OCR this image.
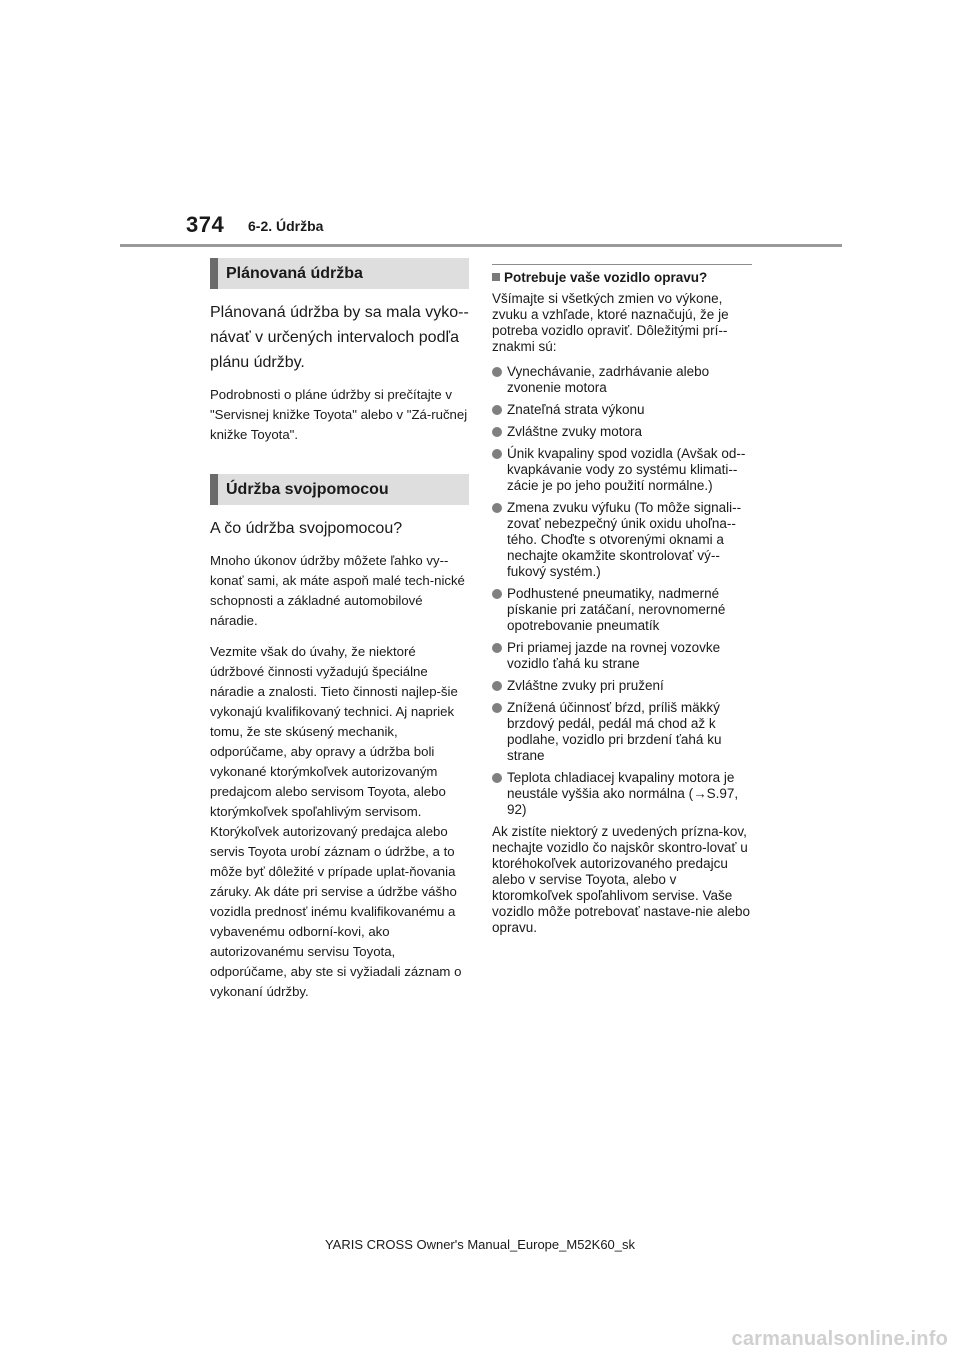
374 6-2. Údržba
Plánovaná údržba

Plánovaná údržba by sa mala vyko-návať v určených intervaloch podľa plánu údržby.

Podrobnosti o pláne údržby si prečítajte v "Servisnej knižke Toyota" alebo v "Zá-ručnej knižke Toyota".

Údržba svojpomocou

A čo údržba svojpomocou?

Mnoho úkonov údržby môžete ľahko vy-konať sami, ak máte aspoň malé tech-nické schopnosti a základné automobilové náradie.

Vezmite však do úvahy, že niektoré údržbové činnosti vyžadujú špeciálne náradie a znalosti. Tieto činnosti najlep-šie vykonajú kvalifikovaný technici. Aj napriek tomu, že ste skúsený mechanik, odporúčame, aby opravy a údržba boli vykonané ktorýmkoľvek autorizovaným predajcom alebo servisom Toyota, alebo ktorýmkoľvek spoľahlivým servisom. Ktorýkoľvek autorizovaný predajca alebo servis Toyota urobí záznam o údržbe, a to môže byť dôležité v prípade uplat-ňovania záruky. Ak dáte pri servise a údržbe vášho vozidla prednosť inému kvalifikovanému a vybavenému odborní-kovi, ako autorizovanému servisu Toyota, odporúčame, aby ste si vyžiadali záznam o vykonaní údržby.

Potrebuje vaše vozidlo opravu?

Všímajte si všetkých zmien vo výkone, zvuku a vzhľade, ktoré naznačujú, že je potreba vozidlo opraviť. Dôležitými prí-znakmi sú:

Vynechávanie, zadrhávanie alebo zvonenie motora
Znateľná strata výkonu
Zvláštne zvuky motora
Únik kvapaliny spod vozidla (Avšak od-kvapkávanie vody zo systému klimati-zácie je po jeho použití normálne.)
Zmena zvuku výfuku (To môže signali-zovať nebezpečný únik oxidu uhoľna-tého. Choďte s otvorenými oknami a nechajte okamžite skontrolovať vý-fukový systém.)
Podhustené pneumatiky, nadmerné pískanie pri zatáčaní, nerovnomerné opotrebovanie pneumatík
Pri priamej jazde na rovnej vozovke vozidlo ťahá ku strane
Zvláštne zvuky pri pružení
Znížená účinnosť bŕzd, príliš mäkký brzdový pedál, pedál má chod až k podlahe, vozidlo pri brzdení ťahá ku strane
Teplota chladiacej kvapaliny motora je neustále vyššia ako normálna (→S.97, 92)

Ak zistíte niektorý z uvedených prízna-kov, nechajte vozidlo čo najskôr skontro-lovať u ktoréhokoľvek autorizovaného predajcu alebo v servise Toyota, alebo v ktoromkoľvek spoľahlivom servise. Vaše vozidlo môže potrebovať nastave-nie alebo opravu.

YARIS CROSS Owner's Manual_Europe_M52K60_sk
carmanualsonline.info
